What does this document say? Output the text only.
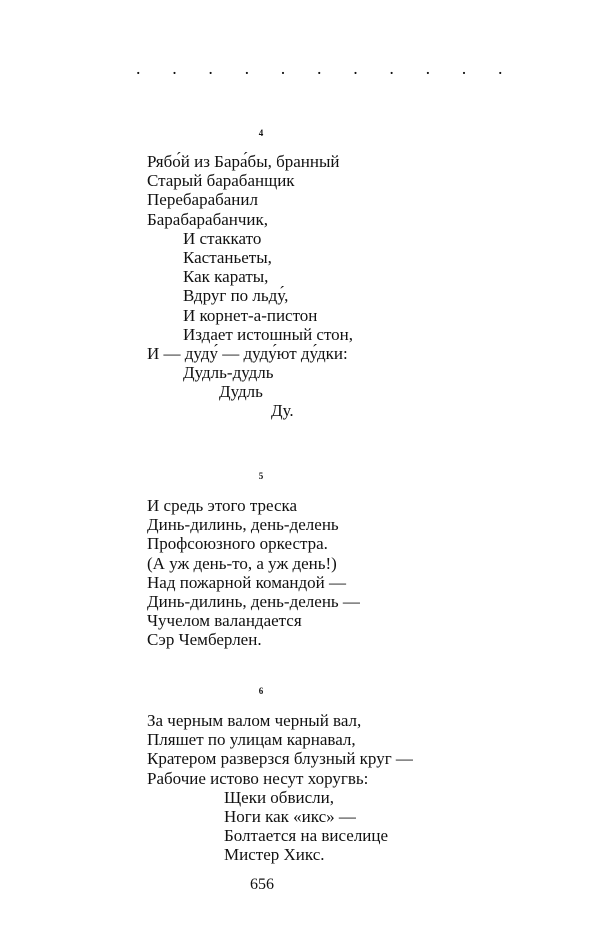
. . . . . . . . . . .
4
Рябо́й из Бара́бы, бранный
Старый барабанщик
Перебарабанил
Барабарабанчик,
И стаккато
Кастаньеты,
Как караты,
Вдруг по льду́,
И корнет-а-пистон
Издает истошный стон,
И — дуду́ — дуду́ют ду́дки:
Дудль-дудль
Дудль
Ду.
5
И средь этого треска
Динь-дилинь, день-делень
Профсоюзного оркестра.
(А уж день-то, а уж день!)
Над пожарной командой —
Динь-дилинь, день-делень —
Чучелом валандается
Сэр Чемберлен.
6
За черным валом черный вал,
Пляшет по улицам карнавал,
Кратером разверзся блузный круг —
Рабочие истово несут хоругвь:
Щеки обвисли,
Ноги как «икс» —
Болтается на виселице
Мистер Хикс.
656
